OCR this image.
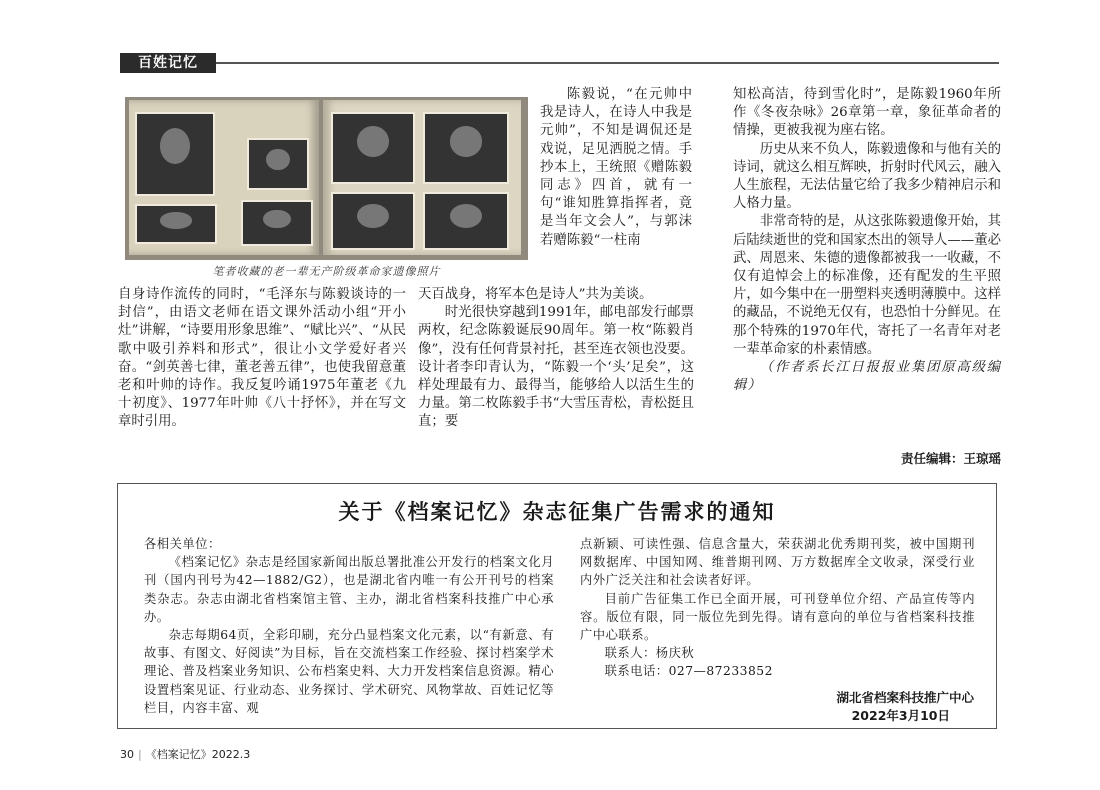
百姓记忆
笔者收藏的老一辈无产阶级革命家遗像照片

陈毅说，“在元帅中我是诗人，在诗人中我是元帅”，不知是调侃还是戏说，足见洒脱之情。手抄本上，王统照《赠陈毅同志》四首，就有一句“谁知胜算指挥者，竟是当年文会人”，与郭沫若赠陈毅“一柱南

自身诗作流传的同时，“毛泽东与陈毅谈诗的一封信”，由语文老师在语文课外活动小组“开小灶”讲解，“诗要用形象思维”、“赋比兴”、“从民歌中吸引养料和形式”，很让小文学爱好者兴奋。“剑英善七律，董老善五律”，也使我留意董老和叶帅的诗作。我反复吟诵1975年董老《九十初度》、1977年叶帅《八十抒怀》，并在写文章时引用。

天百战身，将军本色是诗人”共为美谈。

时光很快穿越到1991年，邮电部发行邮票两枚，纪念陈毅诞辰90周年。第一枚“陈毅肖像”，没有任何背景衬托，甚至连衣领也没要。设计者李印青认为，“陈毅一个‘头’足矣”，这样处理最有力、最得当，能够给人以活生生的力量。第二枚陈毅手书“大雪压青松，青松挺且直；要

知松高洁，待到雪化时”，是陈毅1960年所作《冬夜杂咏》26章第一章，象征革命者的情操，更被我视为座右铭。

历史从来不负人，陈毅遗像和与他有关的诗词，就这么相互辉映，折射时代风云，融入人生旅程，无法估量它给了我多少精神启示和人格力量。

非常奇特的是，从这张陈毅遗像开始，其后陆续逝世的党和国家杰出的领导人——董必武、周恩来、朱德的遗像都被我一一收藏，不仅有追悼会上的标准像，还有配发的生平照片，如今集中在一册塑料夹透明薄膜中。这样的藏品，不说绝无仅有，也恐怕十分鲜见。在那个特殊的1970年代，寄托了一名青年对老一辈革命家的朴素情感。

（作者系长江日报报业集团原高级编辑）

责任编辑：王琼瑶
关于《档案记忆》杂志征集广告需求的通知

各相关单位：

《档案记忆》杂志是经国家新闻出版总署批准公开发行的档案文化月刊（国内刊号为42—1882/G2），也是湖北省内唯一有公开刊号的档案类杂志。杂志由湖北省档案馆主管、主办，湖北省档案科技推广中心承办。

杂志每期64页，全彩印刷，充分凸显档案文化元素，以“有新意、有故事、有图文、好阅读”为目标，旨在交流档案工作经验、探讨档案学术理论、普及档案业务知识、公布档案史料、大力开发档案信息资源。精心设置档案见证、行业动态、业务探讨、学术研究、风物掌故、百姓记忆等栏目，内容丰富、观

点新颖、可读性强、信息含量大，荣获湖北优秀期刊奖，被中国期刊网数据库、中国知网、维普期刊网、万方数据库全文收录，深受行业内外广泛关注和社会读者好评。

目前广告征集工作已全面开展，可刊登单位介绍、产品宣传等内容。版位有限，同一版位先到先得。请有意向的单位与省档案科技推广中心联系。

联系人：杨庆秋

联系电话：027—87233852

湖北省档案科技推广中心
2022年3月10日
30 | 《档案记忆》2022.3
